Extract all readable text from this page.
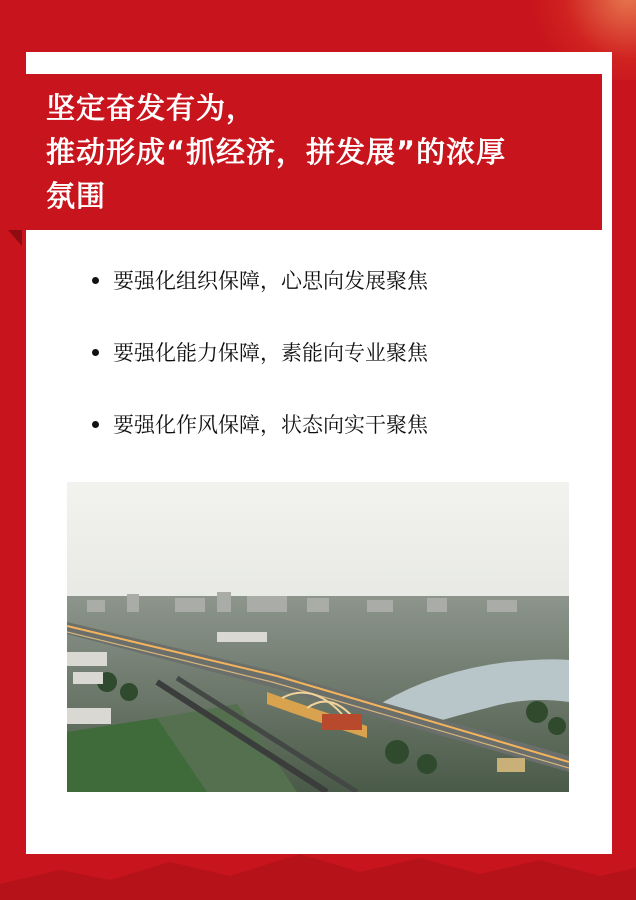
坚定奋发有为，
推动形成“抓经济，拼发展”的浓厚
氛围
要强化组织保障，心思向发展聚焦
要强化能力保障，素能向专业聚焦
要强化作风保障，状态向实干聚焦
